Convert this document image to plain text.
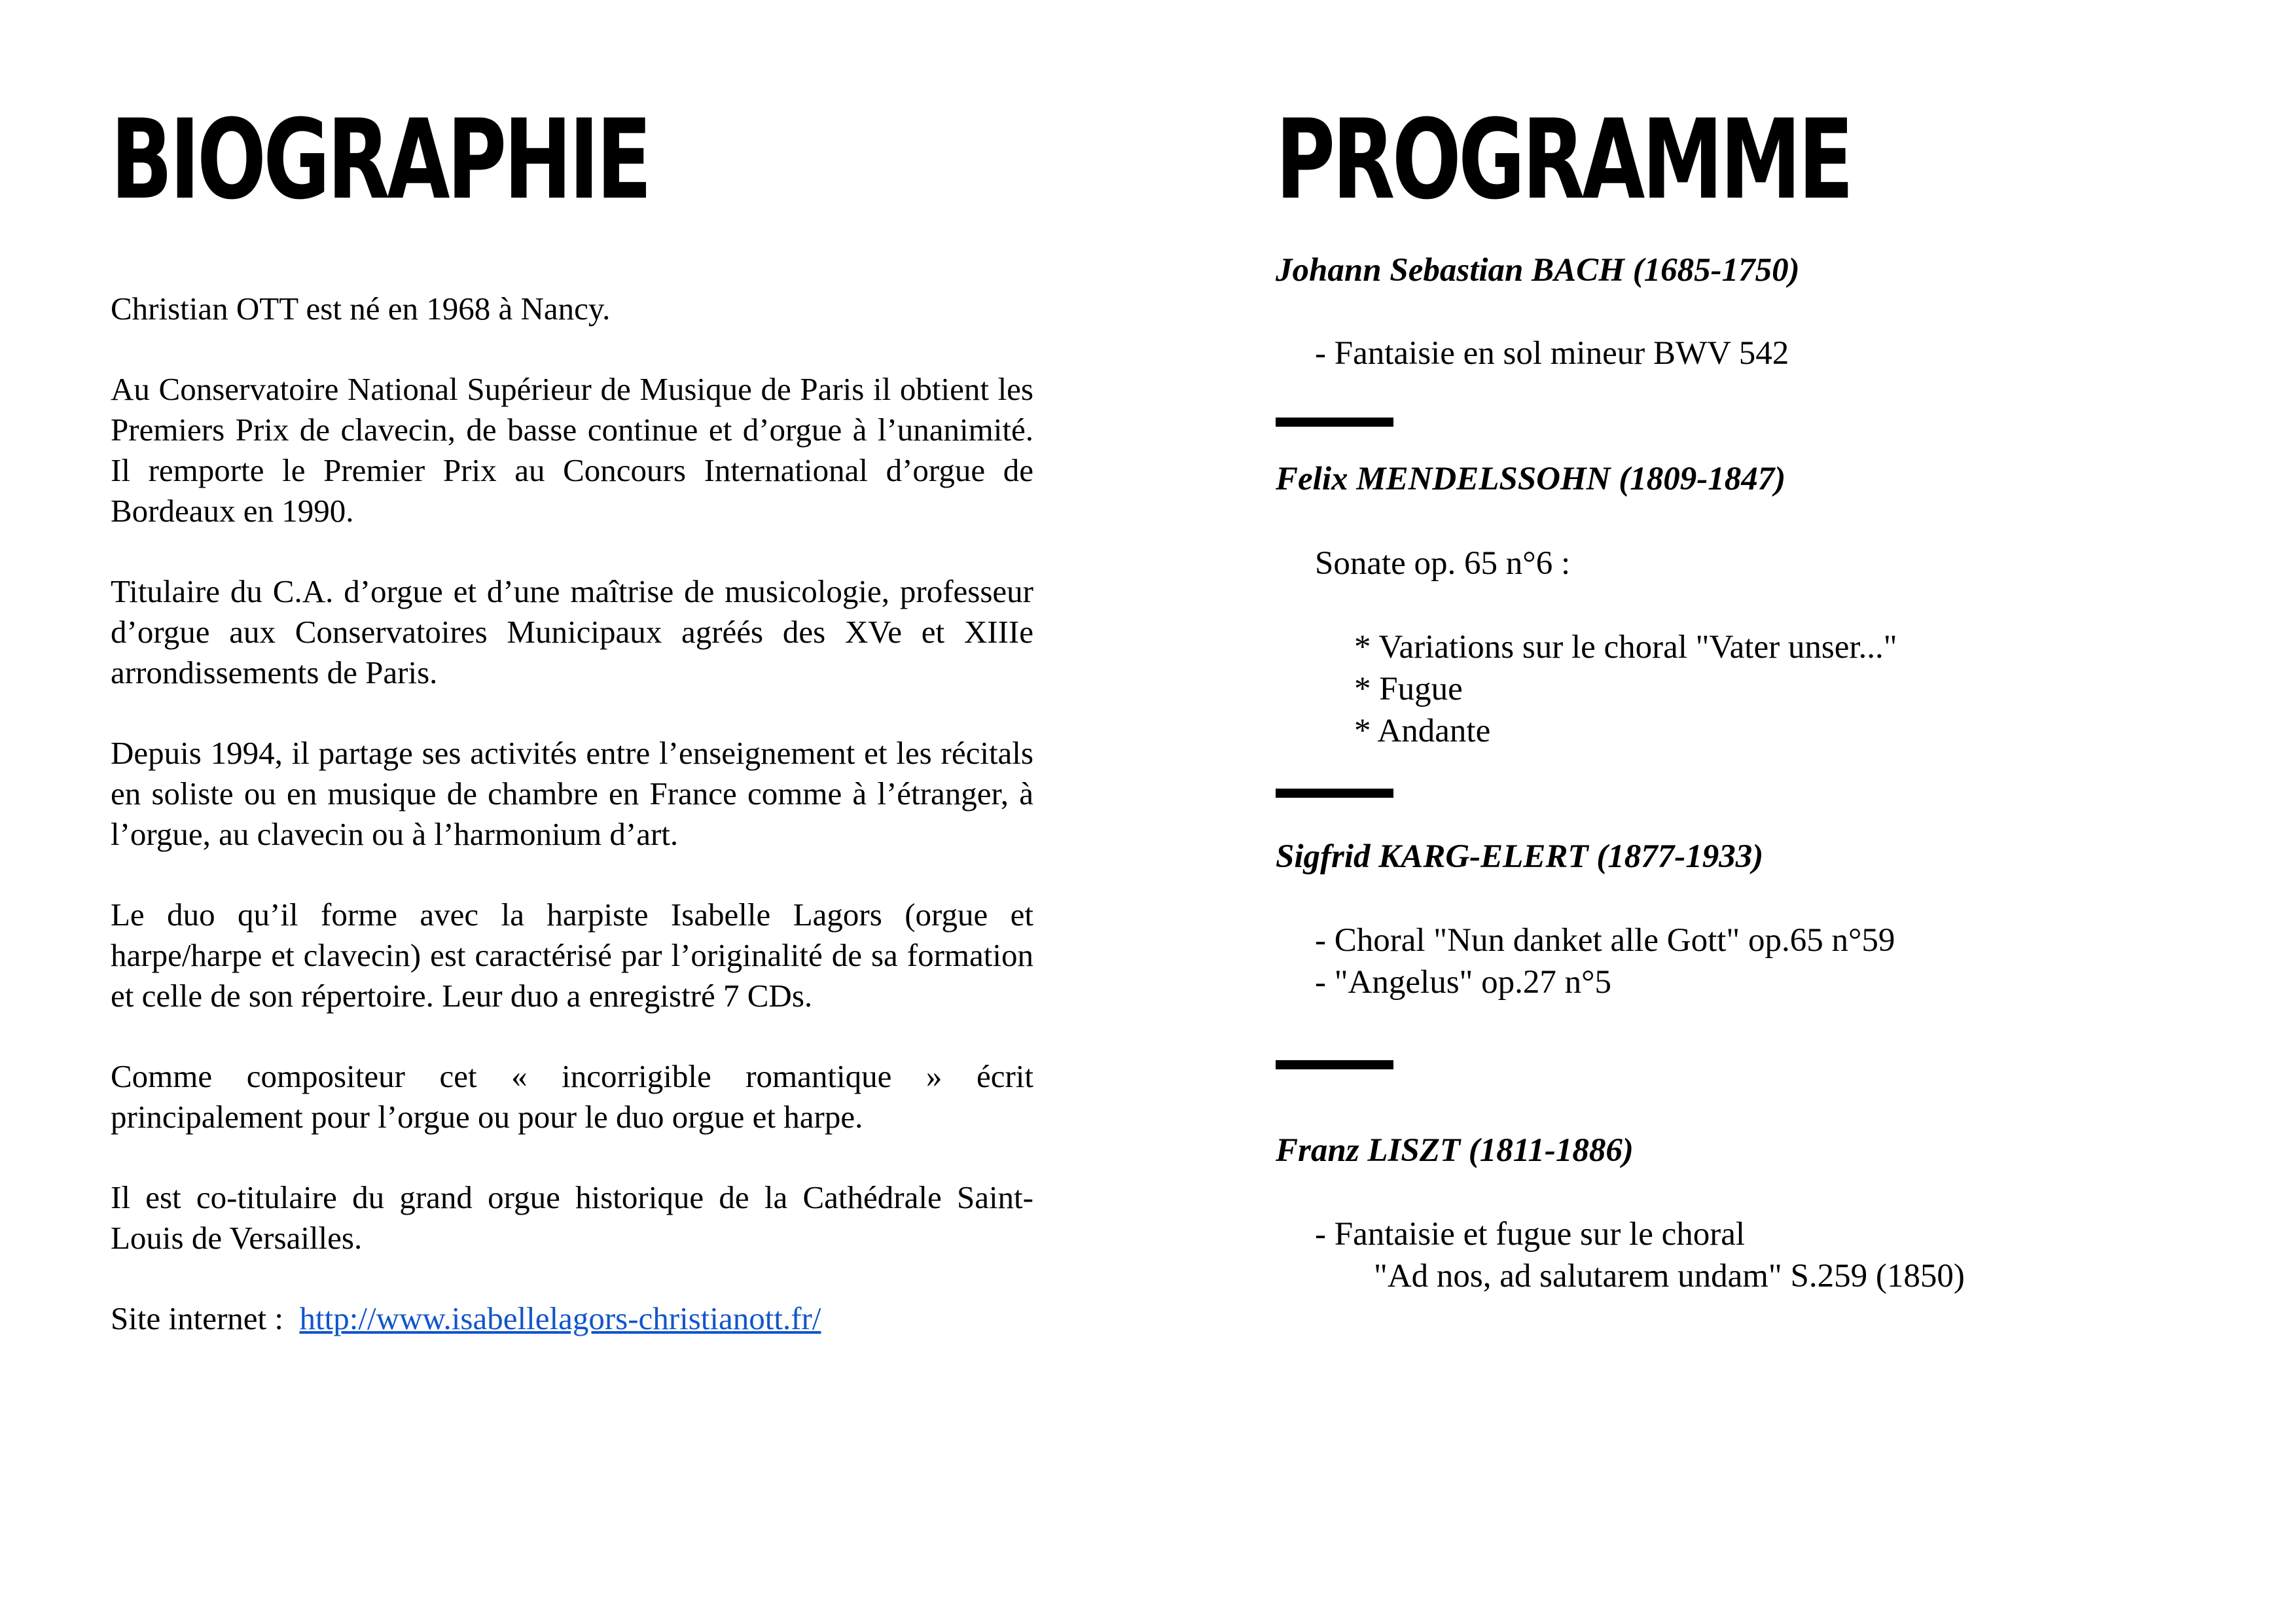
BIOGRAPHIE

Christian OTT est né en 1968 à Nancy.

Au Conservatoire National Supérieur de Musique de Paris il obtient les Premiers Prix de clavecin, de basse continue et d’orgue à l’unanimité. Il remporte le Premier Prix au Concours International d’orgue de Bordeaux en 1990.

Titulaire du C.A. d’orgue et d’une maîtrise de musicologie, professeur d’orgue aux Conservatoires Municipaux agréés des XVe et XIIIe arrondissements de Paris.

Depuis 1994, il partage ses activités entre l’enseignement et les récitals en soliste ou en musique de chambre en France comme à l’étranger, à l’orgue, au clavecin ou à l’harmonium d’art.

Le duo qu’il forme avec la harpiste Isabelle Lagors (orgue et harpe/harpe et clavecin) est caractérisé par l’originalité de sa formation et celle de son répertoire. Leur duo a enregistré 7 CDs.

Comme compositeur cet « incorrigible romantique » écrit principalement pour l’orgue ou pour le duo orgue et harpe.

Il est co-titulaire du grand orgue historique de la Cathédrale Saint-Louis de Versailles.

Site internet :  http://www.isabellelagors-christianott.fr/

PROGRAMME

Johann Sebastian BACH (1685-1750)

- Fantaisie en sol mineur BWV 542

Felix MENDELSSOHN (1809-1847)

Sonate op. 65 n°6 :

* Variations sur le choral "Vater unser..."

* Fugue

* Andante

Sigfrid KARG-ELERT (1877-1933)

- Choral "Nun danket alle Gott" op.65 n°59

- "Angelus" op.27 n°5

Franz LISZT (1811-1886)

- Fantaisie et fugue sur le choral

"Ad nos, ad salutarem undam" S.259 (1850)
